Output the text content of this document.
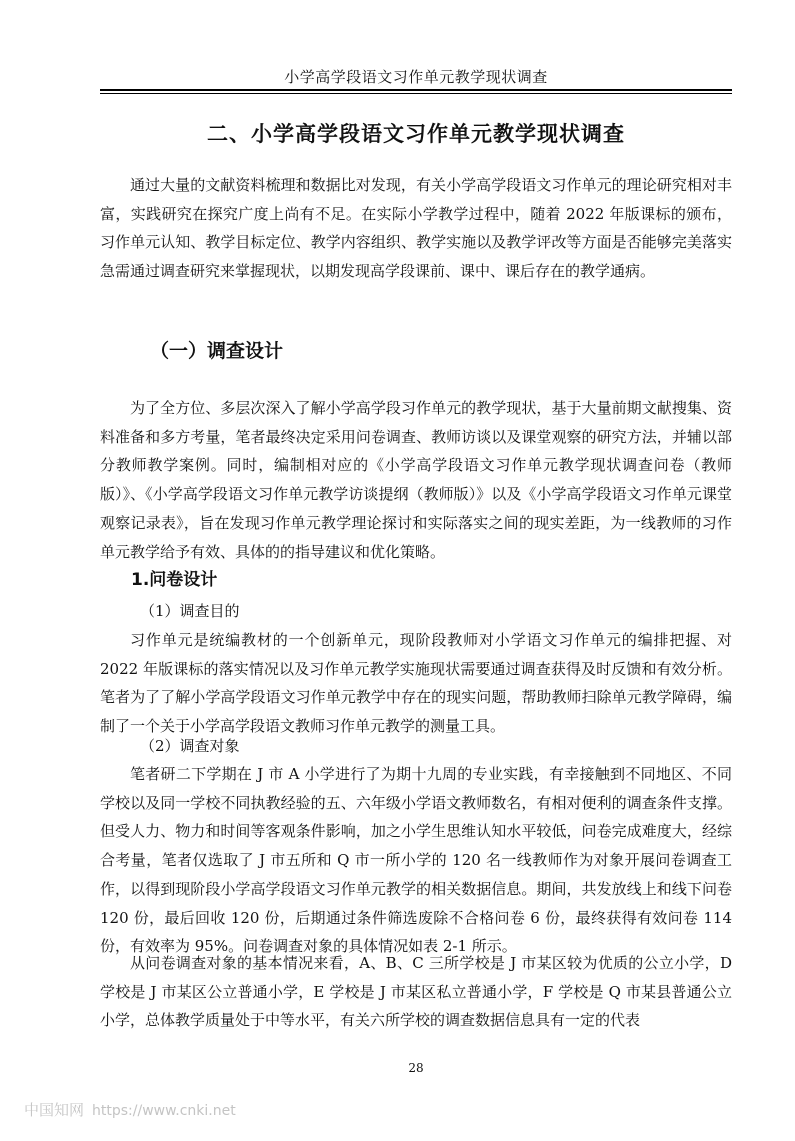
小学高学段语文习作单元教学现状调查
二、小学高学段语文习作单元教学现状调查

通过大量的文献资料梳理和数据比对发现，有关小学高学段语文习作单元的理论研究相对丰富，实践研究在探究广度上尚有不足。在实际小学教学过程中，随着 2022 年版课标的颁布，习作单元认知、教学目标定位、教学内容组织、教学实施以及教学评改等方面是否能够完美落实急需通过调查研究来掌握现状，以期发现高学段课前、课中、课后存在的教学通病。

（一）调查设计

为了全方位、多层次深入了解小学高学段习作单元的教学现状，基于大量前期文献搜集、资料准备和多方考量，笔者最终决定采用问卷调查、教师访谈以及课堂观察的研究方法，并辅以部分教师教学案例。同时，编制相对应的《小学高学段语文习作单元教学现状调查问卷（教师版）》、《小学高学段语文习作单元教学访谈提纲（教师版）》以及《小学高学段语文习作单元课堂观察记录表》，旨在发现习作单元教学理论探讨和实际落实之间的现实差距，为一线教师的习作单元教学给予有效、具体的的指导建议和优化策略。

1.问卷设计
（1）调查目的

习作单元是统编教材的一个创新单元，现阶段教师对小学语文习作单元的编排把握、对 2022 年版课标的落实情况以及习作单元教学实施现状需要通过调查获得及时反馈和有效分析。笔者为了了解小学高学段语文习作单元教学中存在的现实问题，帮助教师扫除单元教学障碍，编制了一个关于小学高学段语文教师习作单元教学的测量工具。

（2）调查对象

笔者研二下学期在 J 市 A 小学进行了为期十九周的专业实践，有幸接触到不同地区、不同学校以及同一学校不同执教经验的五、六年级小学语文教师数名，有相对便利的调查条件支撑。但受人力、物力和时间等客观条件影响，加之小学生思维认知水平较低，问卷完成难度大，经综合考量，笔者仅选取了 J 市五所和 Q 市一所小学的 120 名一线教师作为对象开展问卷调查工作，以得到现阶段小学高学段语文习作单元教学的相关数据信息。期间，共发放线上和线下问卷 120 份，最后回收 120 份，后期通过条件筛选废除不合格问卷 6 份，最终获得有效问卷 114 份，有效率为 95%。问卷调查对象的具体情况如表 2-1 所示。

从问卷调查对象的基本情况来看，A、B、C 三所学校是 J 市某区较为优质的公立小学，D 学校是 J 市某区公立普通小学，E 学校是 J 市某区私立普通小学，F 学校是 Q 市某县普通公立小学，总体教学质量处于中等水平，有关六所学校的调查数据信息具有一定的代表

28
中国知网 https://www.cnki.net
